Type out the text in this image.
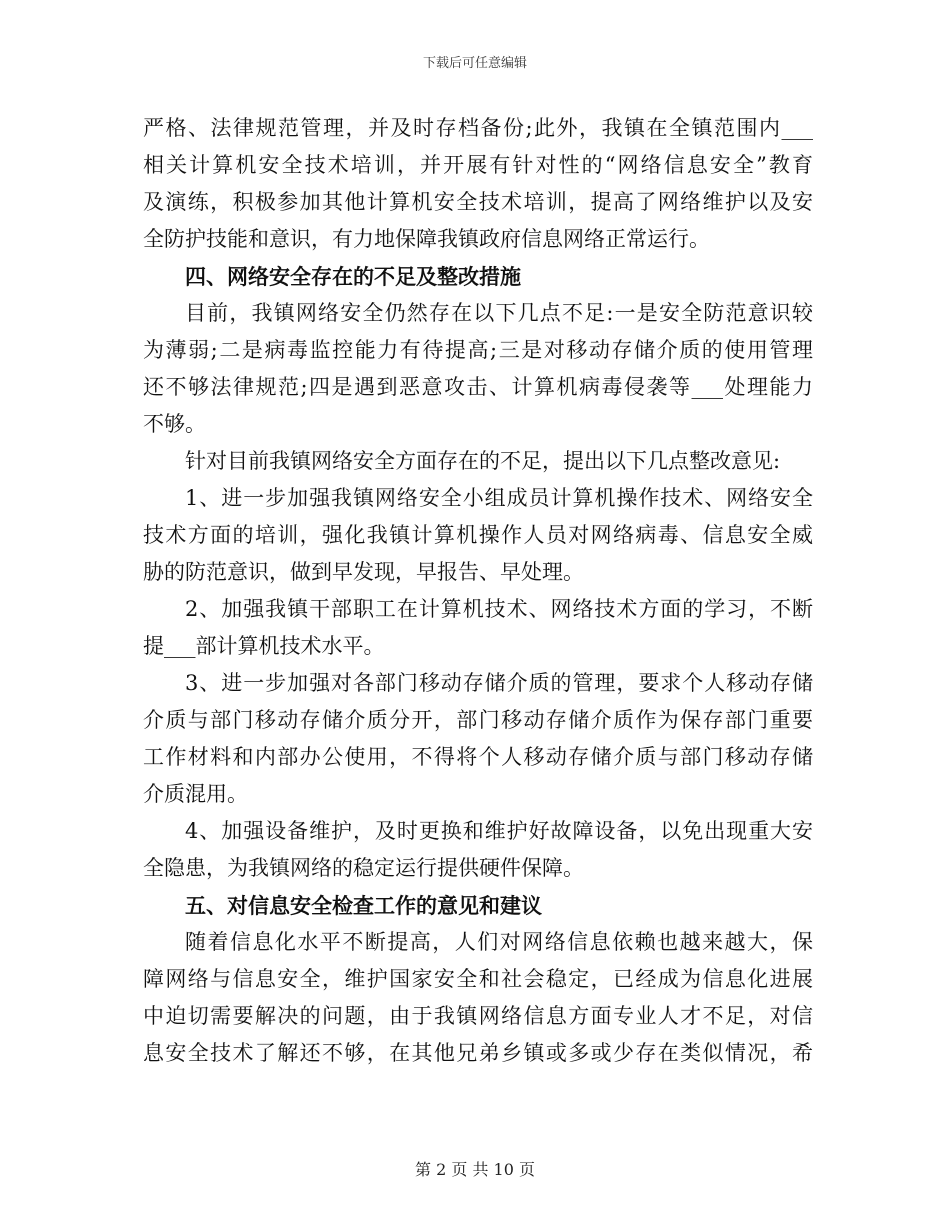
下载后可任意编辑
严格、法律规范管理，并及时存档备份;此外，我镇在全镇范围内___
相关计算机安全技术培训，并开展有针对性的“网络信息安全”教育
及演练，积极参加其他计算机安全技术培训，提高了网络维护以及安
全防护技能和意识，有力地保障我镇政府信息网络正常运行。
四、网络安全存在的不足及整改措施
目前，我镇网络安全仍然存在以下几点不足:一是安全防范意识较
为薄弱;二是病毒监控能力有待提高;三是对移动存储介质的使用管理
还不够法律规范;四是遇到恶意攻击、计算机病毒侵袭等___处理能力
不够。
针对目前我镇网络安全方面存在的不足，提出以下几点整改意见:
1、进一步加强我镇网络安全小组成员计算机操作技术、网络安全
技术方面的培训，强化我镇计算机操作人员对网络病毒、信息安全威
胁的防范意识，做到早发现，早报告、早处理。
2、加强我镇干部职工在计算机技术、网络技术方面的学习，不断
提___部计算机技术水平。
3、进一步加强对各部门移动存储介质的管理，要求个人移动存储
介质与部门移动存储介质分开，部门移动存储介质作为保存部门重要
工作材料和内部办公使用，不得将个人移动存储介质与部门移动存储
介质混用。
4、加强设备维护，及时更换和维护好故障设备，以免出现重大安
全隐患，为我镇网络的稳定运行提供硬件保障。
五、对信息安全检查工作的意见和建议
随着信息化水平不断提高，人们对网络信息依赖也越来越大，保
障网络与信息安全，维护国家安全和社会稳定，已经成为信息化进展
中迫切需要解决的问题，由于我镇网络信息方面专业人才不足，对信
息安全技术了解还不够，在其他兄弟乡镇或多或少存在类似情况，希
第 2 页 共 10 页
